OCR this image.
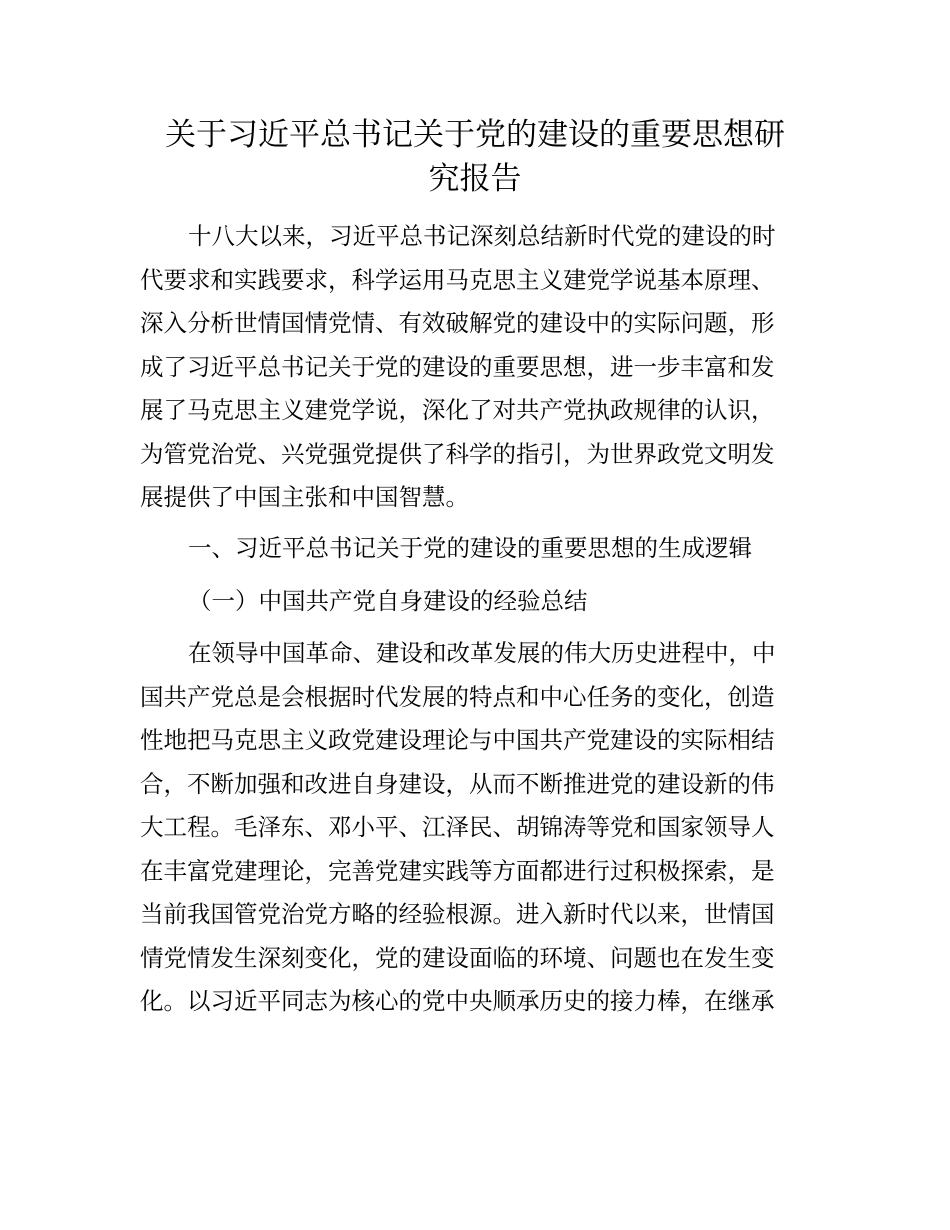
关于习近平总书记关于党的建设的重要思想研
究报告

十八大以来，习近平总书记深刻总结新时代党的建设的时
代要求和实践要求，科学运用马克思主义建党学说基本原理、
深入分析世情国情党情、有效破解党的建设中的实际问题，形
成了习近平总书记关于党的建设的重要思想，进一步丰富和发
展了马克思主义建党学说，深化了对共产党执政规律的认识，
为管党治党、兴党强党提供了科学的指引，为世界政党文明发
展提供了中国主张和中国智慧。

一、习近平总书记关于党的建设的重要思想的生成逻辑

（一）中国共产党自身建设的经验总结

在领导中国革命、建设和改革发展的伟大历史进程中，中
国共产党总是会根据时代发展的特点和中心任务的变化，创造
性地把马克思主义政党建设理论与中国共产党建设的实际相结
合，不断加强和改进自身建设，从而不断推进党的建设新的伟
大工程。毛泽东、邓小平、江泽民、胡锦涛等党和国家领导人
在丰富党建理论，完善党建实践等方面都进行过积极探索，是
当前我国管党治党方略的经验根源。进入新时代以来，世情国
情党情发生深刻变化，党的建设面临的环境、问题也在发生变
化。以习近平同志为核心的党中央顺承历史的接力棒，在继承
